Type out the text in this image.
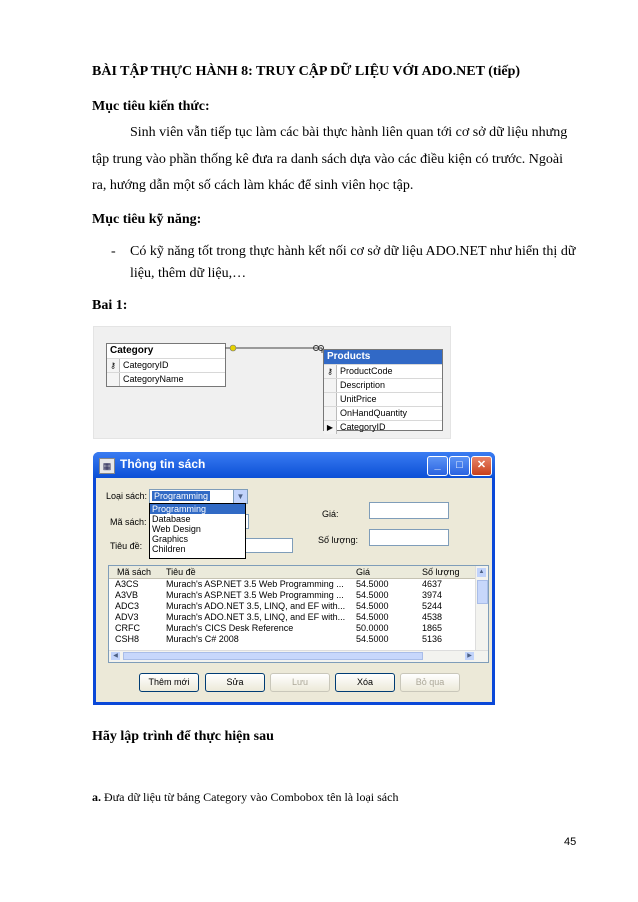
BÀI TẬP THỰC HÀNH 8: TRUY CẬP DỮ LIỆU VỚI ADO.NET (tiếp)
Mục tiêu kiến thức:
Sinh viên vẫn tiếp tục làm các bài thực hành liên quan tới cơ sở dữ liệu nhưng
tập trung vào phần thống kê đưa ra danh sách dựa vào các điều kiện có trước. Ngoài
ra, hướng dẫn một số cách làm khác để sinh viên học tập.
Mục tiêu kỹ năng:
- Có kỹ năng tốt trong thực hành kết nối cơ sở dữ liệu ADO.NET như hiển thị dữ
liệu, thêm dữ liệu,…
Bai 1:
Category
⚷ CategoryID
CategoryName
Products
⚷ ProductCode
Description
UnitPrice
OnHandQuantity
▶ CategoryID
▦ Thông tin sách	_	□	✕
Loại sách: Programming	▼
Programming
Database
Web Design
Graphics
Children
Mã sách:
Tiêu đề:
Giá:
Số lượng:
Mã sách	Tiêu đề	Giá	Số lượng
A3CS	Murach's ASP.NET 3.5 Web Programming ...	54.5000	4637
A3VB	Murach's ASP.NET 3.5 Web Programming ...	54.5000	3974
ADC3	Murach's ADO.NET 3.5, LINQ, and EF with...	54.5000	5244
ADV3	Murach's ADO.NET 3.5, LINQ, and EF with...	54.5000	4538
CRFC	Murach's CICS Desk Reference	50.0000	1865
CSH8	Murach's C# 2008	54.5000	5136
▲
◀	▶
Thêm mới	Sửa	Lưu	Xóa	Bỏ qua
Hãy lập trình để thực hiện sau
a. Đưa dữ liệu từ bảng Category vào Combobox tên là loại sách
45
